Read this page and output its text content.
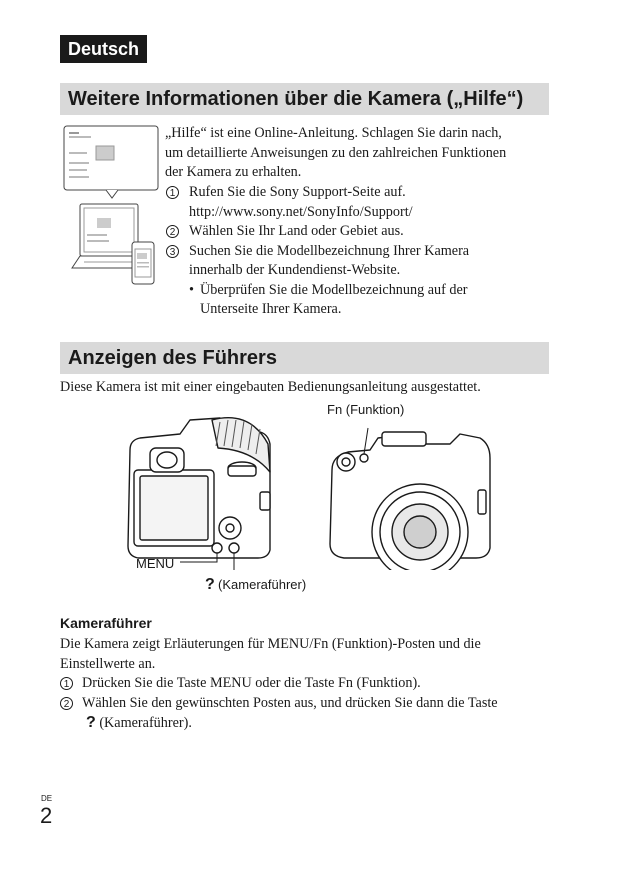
Deutsch
Weitere Informationen über die Kamera („Hilfe“)
„Hilfe“ ist eine Online-Anleitung. Schlagen Sie darin nach,
um detaillierte Anweisungen zu den zahlreichen Funktionen
der Kamera zu erhalten.
1 Rufen Sie die Sony Support-Seite auf.
http://www.sony.net/SonyInfo/Support/
2 Wählen Sie Ihr Land oder Gebiet aus.
3 Suchen Sie die Modellbezeichnung Ihrer Kamera
innerhalb der Kundendienst-Website.
• Überprüfen Sie die Modellbezeichnung auf der
Unterseite Ihrer Kamera.
Anzeigen des Führers
Diese Kamera ist mit einer eingebauten Bedienungsanleitung ausgestattet.
Fn (Funktion)
MENU
? (Kameraführer)
Kameraführer
Die Kamera zeigt Erläuterungen für MENU/Fn (Funktion)-Posten und die
Einstellwerte an.
1 Drücken Sie die Taste MENU oder die Taste Fn (Funktion).
2 Wählen Sie den gewünschten Posten aus, und drücken Sie dann die Taste
? (Kameraführer).
DE
2
